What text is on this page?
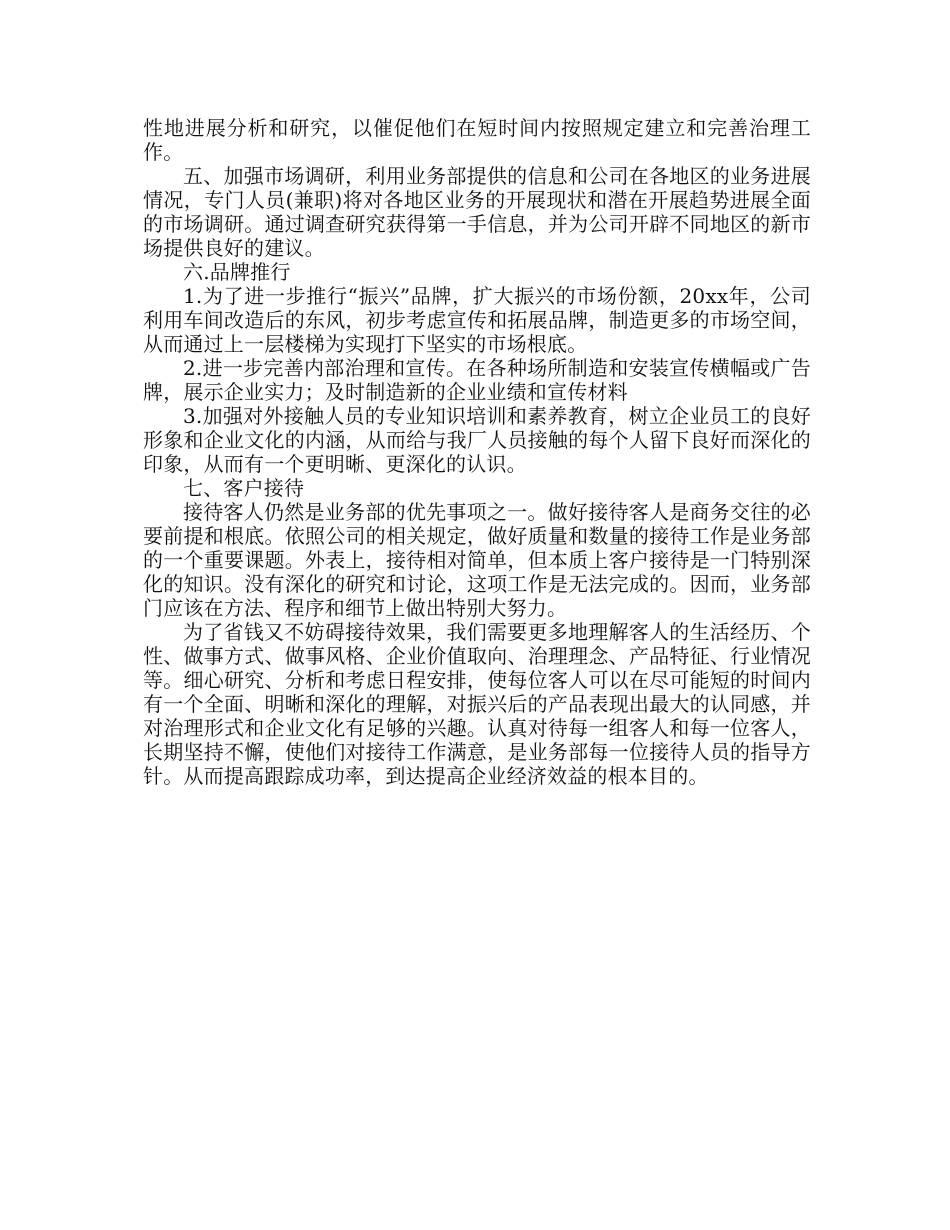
性地进展分析和研究，以催促他们在短时间内按照规定建立和完善治理工作。

五、加强市场调研，利用业务部提供的信息和公司在各地区的业务进展情况，专门人员(兼职)将对各地区业务的开展现状和潜在开展趋势进展全面的市场调研。通过调查研究获得第一手信息，并为公司开辟不同地区的新市场提供良好的建议。

六.品牌推行

1.为了进一步推行“振兴”品牌，扩大振兴的市场份额，20xx年，公司利用车间改造后的东风，初步考虑宣传和拓展品牌，制造更多的市场空间，从而通过上一层楼梯为实现打下坚实的市场根底。

2.进一步完善内部治理和宣传。在各种场所制造和安装宣传横幅或广告牌，展示企业实力；及时制造新的企业业绩和宣传材料

3.加强对外接触人员的专业知识培训和素养教育，树立企业员工的良好形象和企业文化的内涵，从而给与我厂人员接触的每个人留下良好而深化的印象，从而有一个更明晰、更深化的认识。

七、客户接待

接待客人仍然是业务部的优先事项之一。做好接待客人是商务交往的必要前提和根底。依照公司的相关规定，做好质量和数量的接待工作是业务部的一个重要课题。外表上，接待相对简单，但本质上客户接待是一门特别深化的知识。没有深化的研究和讨论，这项工作是无法完成的。因而，业务部门应该在方法、程序和细节上做出特别大努力。

为了省钱又不妨碍接待效果，我们需要更多地理解客人的生活经历、个性、做事方式、做事风格、企业价值取向、治理理念、产品特征、行业情况等。细心研究、分析和考虑日程安排，使每位客人可以在尽可能短的时间内有一个全面、明晰和深化的理解，对振兴后的产品表现出最大的认同感，并对治理形式和企业文化有足够的兴趣。认真对待每一组客人和每一位客人，长期坚持不懈，使他们对接待工作满意，是业务部每一位接待人员的指导方针。从而提高跟踪成功率，到达提高企业经济效益的根本目的。
